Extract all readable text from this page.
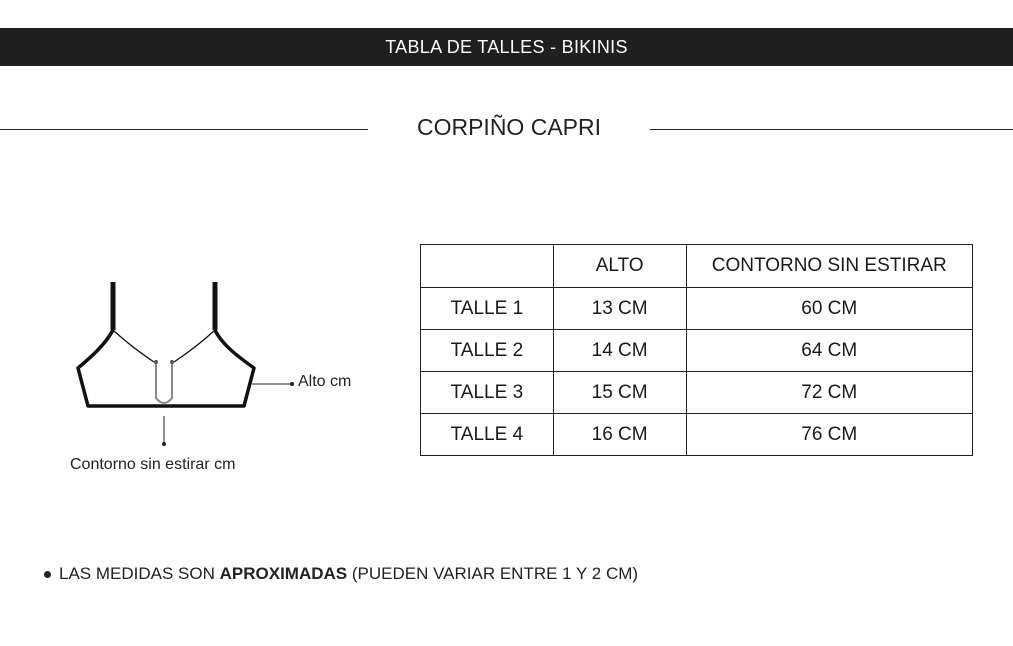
TABLA DE TALLES - BIKINIS
CORPIÑO CAPRI
Alto cm
Contorno sin estirar cm
	ALTO	CONTORNO SIN ESTIRAR
TALLE 1	13 CM	60 CM
TALLE 2	14 CM	64 CM
TALLE 3	15 CM	72 CM
TALLE 4	16 CM	76 CM
LAS MEDIDAS SON APROXIMADAS (PUEDEN VARIAR ENTRE 1 Y 2 CM)
